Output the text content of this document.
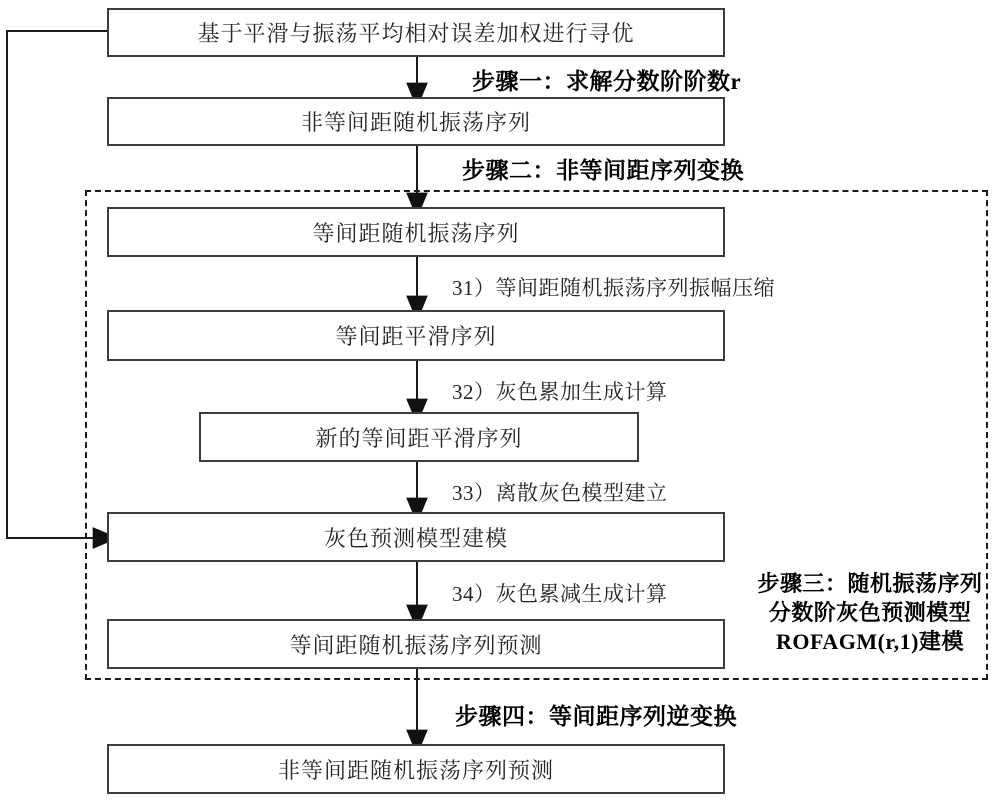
基于平滑与振荡平均相对误差加权进行寻优
非等间距随机振荡序列
等间距随机振荡序列
等间距平滑序列
新的等间距平滑序列
灰色预测模型建模
等间距随机振荡序列预测
非等间距随机振荡序列预测
步骤一：求解分数阶阶数r
步骤二：非等间距序列变换
步骤四：等间距序列逆变换
步骤三：随机振荡序列
分数阶灰色预测模型
ROFAGM(r,1)建模
31）等间距随机振荡序列振幅压缩
32）灰色累加生成计算
33）离散灰色模型建立
34）灰色累减生成计算
